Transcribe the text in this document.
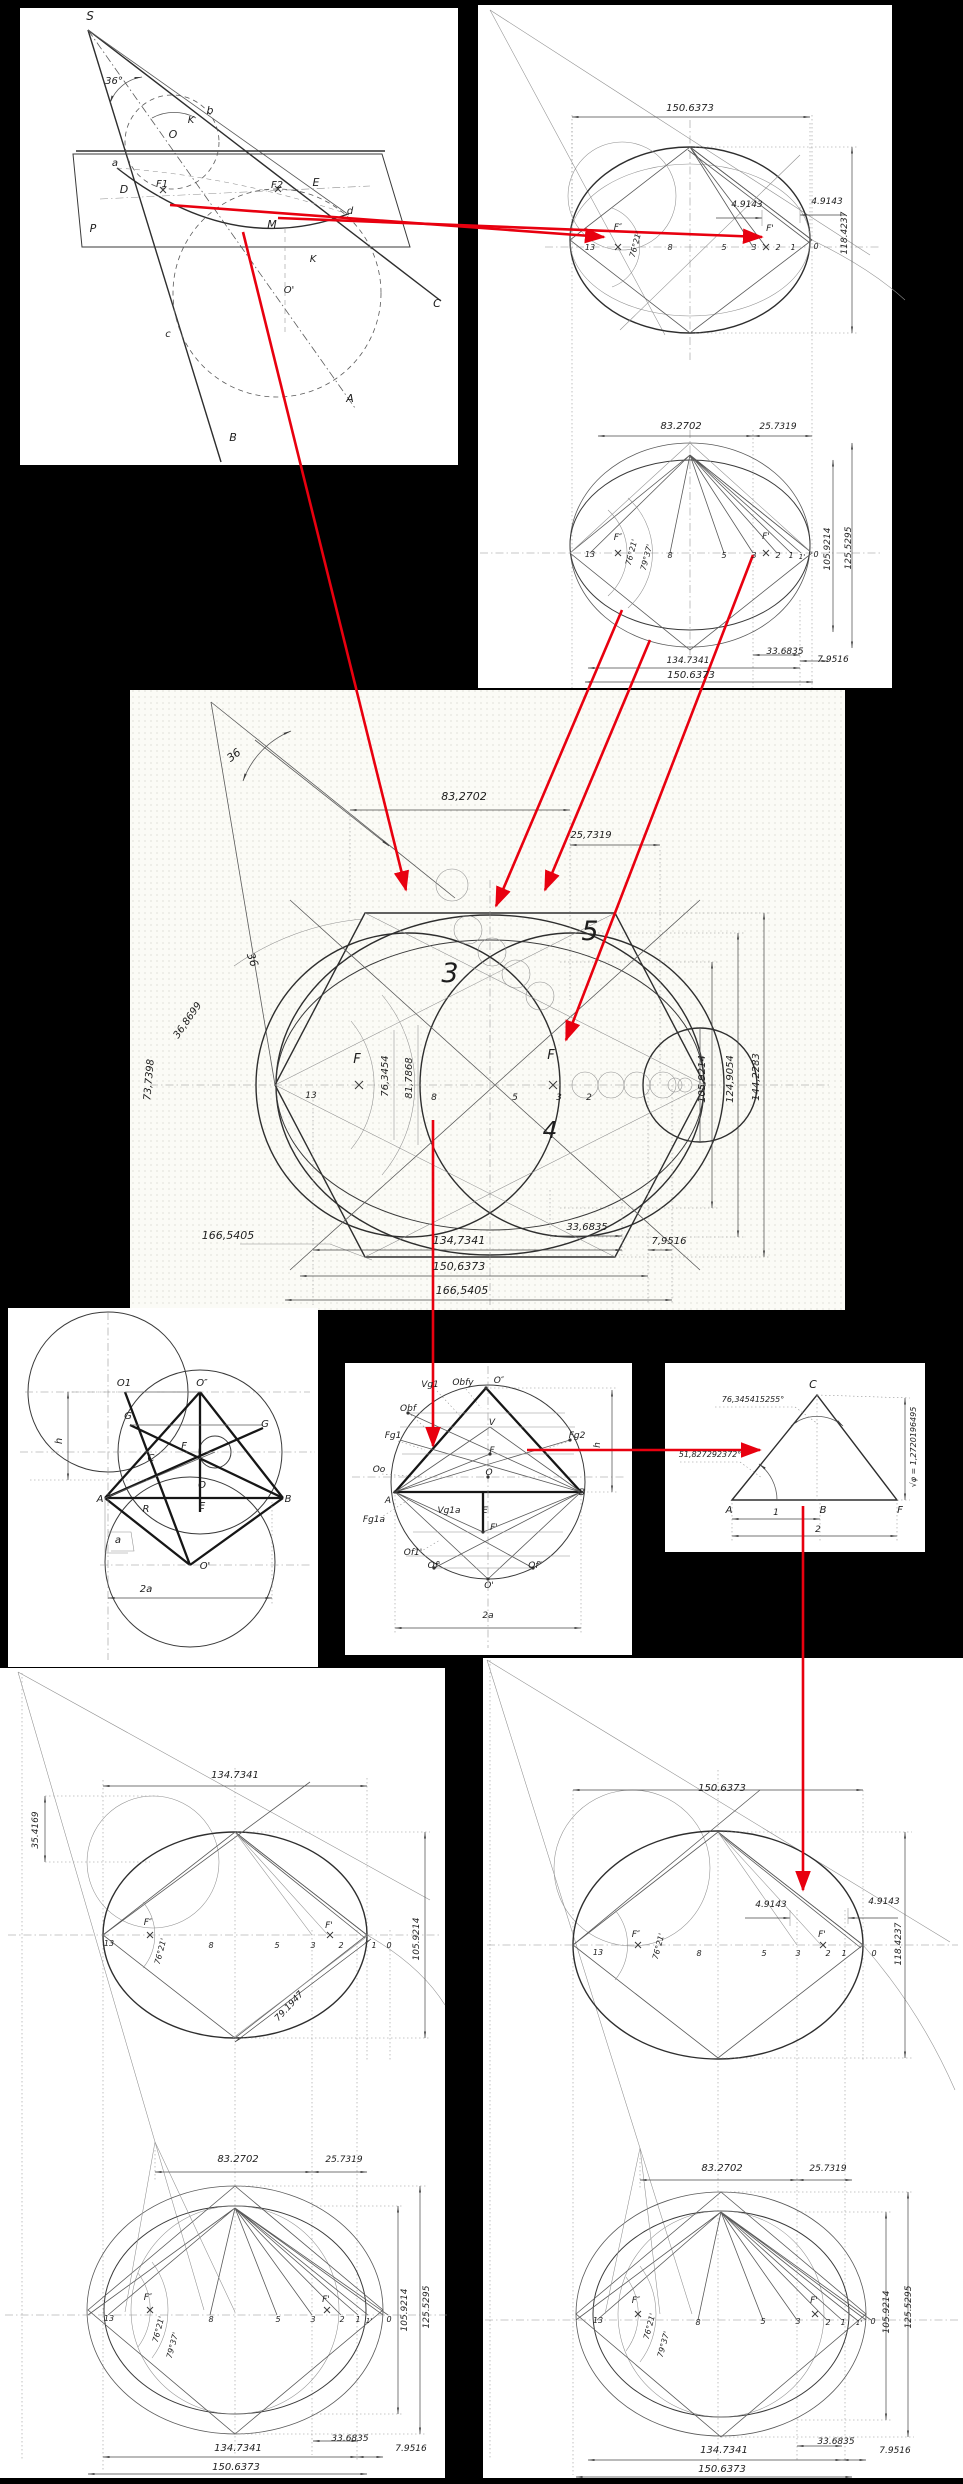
S
36°
b
K
O
a
D	F1	F2	E
d
M
P
K
O'
C
c
A
B
150.6373
4.9143	4.9143
118.4237
F″	F'
76°21'
13	8	5	3 2 1 0
83.2702	25.7319
105.9214 125.5295
F″	F'
76°21' 79°37'
13	8	5	3 2 1 1' 0
33.6835
134.7341	7.9516
150.6373
36
36
83,2702
25,7319
36,8699
73,7398
166,5405
76,3454 81,7868
F	F
3
5
4
13	8	5	3	2	105,9214 124,9054 144,2283
33,6835
134,7341	7,9516
150,6373
166,5405
O1	O″
G
G
F
C
O
A	B
R	E
a
O'
h
2a
Vg1 Obfy O″
Obf
V
Fg1	Fg2
F
Oo	O
B
A
Fg1a
Vg1a E
F'
Of1'
Of'	Of″
O'
h
2a
C
76,345415255°
51,827292372°	√φ = 1,2720196495
A	B	F
1
2
134.7341
35.4169
105.9214
79.1947
F″	F'
76°21'
13	8	5	3	2	1 0
83.2702	25.7319
105.9214 125.5295
F″	F'
76°21'
79°37'
13	8	5	3	2 1 1' 0
33.6835
134.7341	7.9516
150.6373
150.6373
4.9143	4.9143
118.4237
F″	F'
76°21'
13	8	5	3	2 1	0
83.2702	25.7319
105.9214 125.5295
F″	F'
76°21'
79°37'
13	8	5	3	2 1 1' 0
33.6835
134.7341	7.9516
150.6373
